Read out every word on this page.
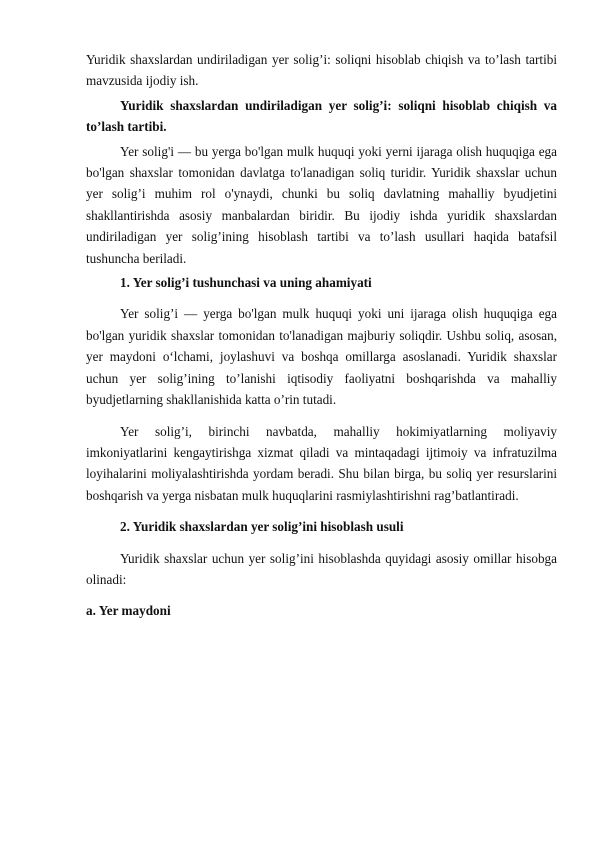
Yuridik shaxslardan undiriladigan yer solig’i: soliqni hisoblab chiqish va to’lash tartibi mavzusida ijodiy ish.

Yuridik shaxslardan undiriladigan yer solig’i: soliqni hisoblab chiqish va to’lash tartibi.

Yer solig'i — bu yerga bo'lgan mulk huquqi yoki yerni ijaraga olish huquqiga ega bo'lgan shaxslar tomonidan davlatga to'lanadigan soliq turidir. Yuridik shaxslar uchun yer solig’i muhim rol o'ynaydi, chunki bu soliq davlatning mahalliy byudjetini shakllantirishda asosiy manbalardan biridir. Bu ijodiy ishda yuridik shaxslardan undiriladigan yer solig’ining hisoblash tartibi va to’lash usullari haqida batafsil tushuncha beriladi.

1. Yer solig’i tushunchasi va uning ahamiyati

Yer solig’i — yerga bo'lgan mulk huquqi yoki uni ijaraga olish huquqiga ega bo'lgan yuridik shaxslar tomonidan to'lanadigan majburiy soliqdir. Ushbu soliq, asosan, yer maydoni o‘lchami, joylashuvi va boshqa omillarga asoslanadi. Yuridik shaxslar uchun yer solig’ining to’lanishi iqtisodiy faoliyatni boshqarishda va mahalliy byudjetlarning shakllanishida katta o’rin tutadi.

Yer solig’i, birinchi navbatda, mahalliy hokimiyatlarning moliyaviy imkoniyatlarini kengaytirishga xizmat qiladi va mintaqadagi ijtimoiy va infratuzilma loyihalarini moliyalashtirishda yordam beradi. Shu bilan birga, bu soliq yer resurslarini boshqarish va yerga nisbatan mulk huquqlarini rasmiylashtirishni rag’batlantiradi.

2. Yuridik shaxslardan yer solig’ini hisoblash usuli

Yuridik shaxslar uchun yer solig’ini hisoblashda quyidagi asosiy omillar hisobga olinadi:

a. Yer maydoni
